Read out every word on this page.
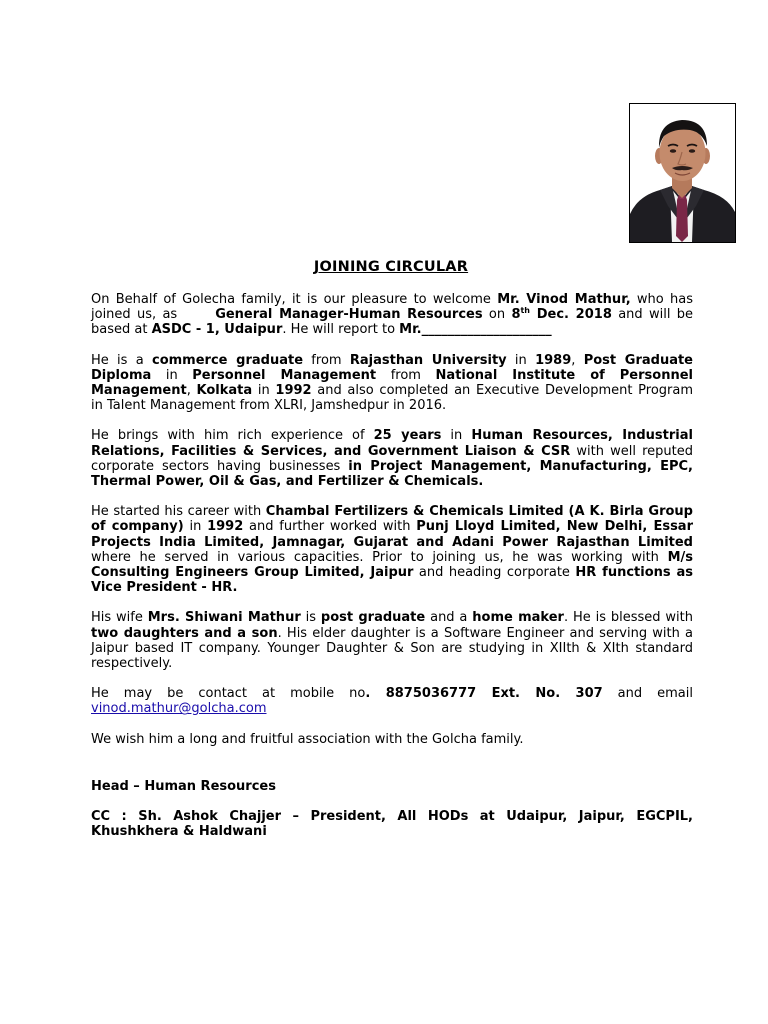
JOINING CIRCULAR

On Behalf of Golecha family, it is our pleasure to welcome Mr. Vinod Mathur, who has joined us, as	General Manager-Human Resources on 8th Dec. 2018 and will be based at ASDC - 1, Udaipur. He will report to Mr.____________________

He is a commerce graduate from Rajasthan University in 1989, Post Graduate Diploma in Personnel Management from National Institute of Personnel Management, Kolkata in 1992 and also completed an Executive Development Program in Talent Management from XLRI, Jamshedpur in 2016.

He brings with him rich experience of 25 years in Human Resources, Industrial Relations, Facilities & Services, and Government Liaison & CSR with well reputed corporate sectors having businesses in Project Management, Manufacturing, EPC, Thermal Power, Oil & Gas, and Fertilizer & Chemicals.

He started his career with Chambal Fertilizers & Chemicals Limited (A K. Birla Group of company) in 1992 and further worked with Punj Lloyd Limited, New Delhi, Essar Projects India Limited, Jamnagar, Gujarat and Adani Power Rajasthan Limited where he served in various capacities. Prior to joining us, he was working with M/s Consulting Engineers Group Limited, Jaipur and heading corporate HR functions as Vice President - HR.

His wife Mrs. Shiwani Mathur is post graduate and a home maker. He is blessed with two daughters and a son. His elder daughter is a Software Engineer and serving with a Jaipur based IT company. Younger Daughter & Son are studying in XIIth & XIth standard respectively.

He may be contact at mobile no. 8875036777 Ext. No. 307 and email vinod.mathur@golcha.com

We wish him a long and fruitful association with the Golcha family.

Head – Human Resources

CC : Sh. Ashok Chajjer – President, All HODs at Udaipur, Jaipur, EGCPIL, Khushkhera & Haldwani
